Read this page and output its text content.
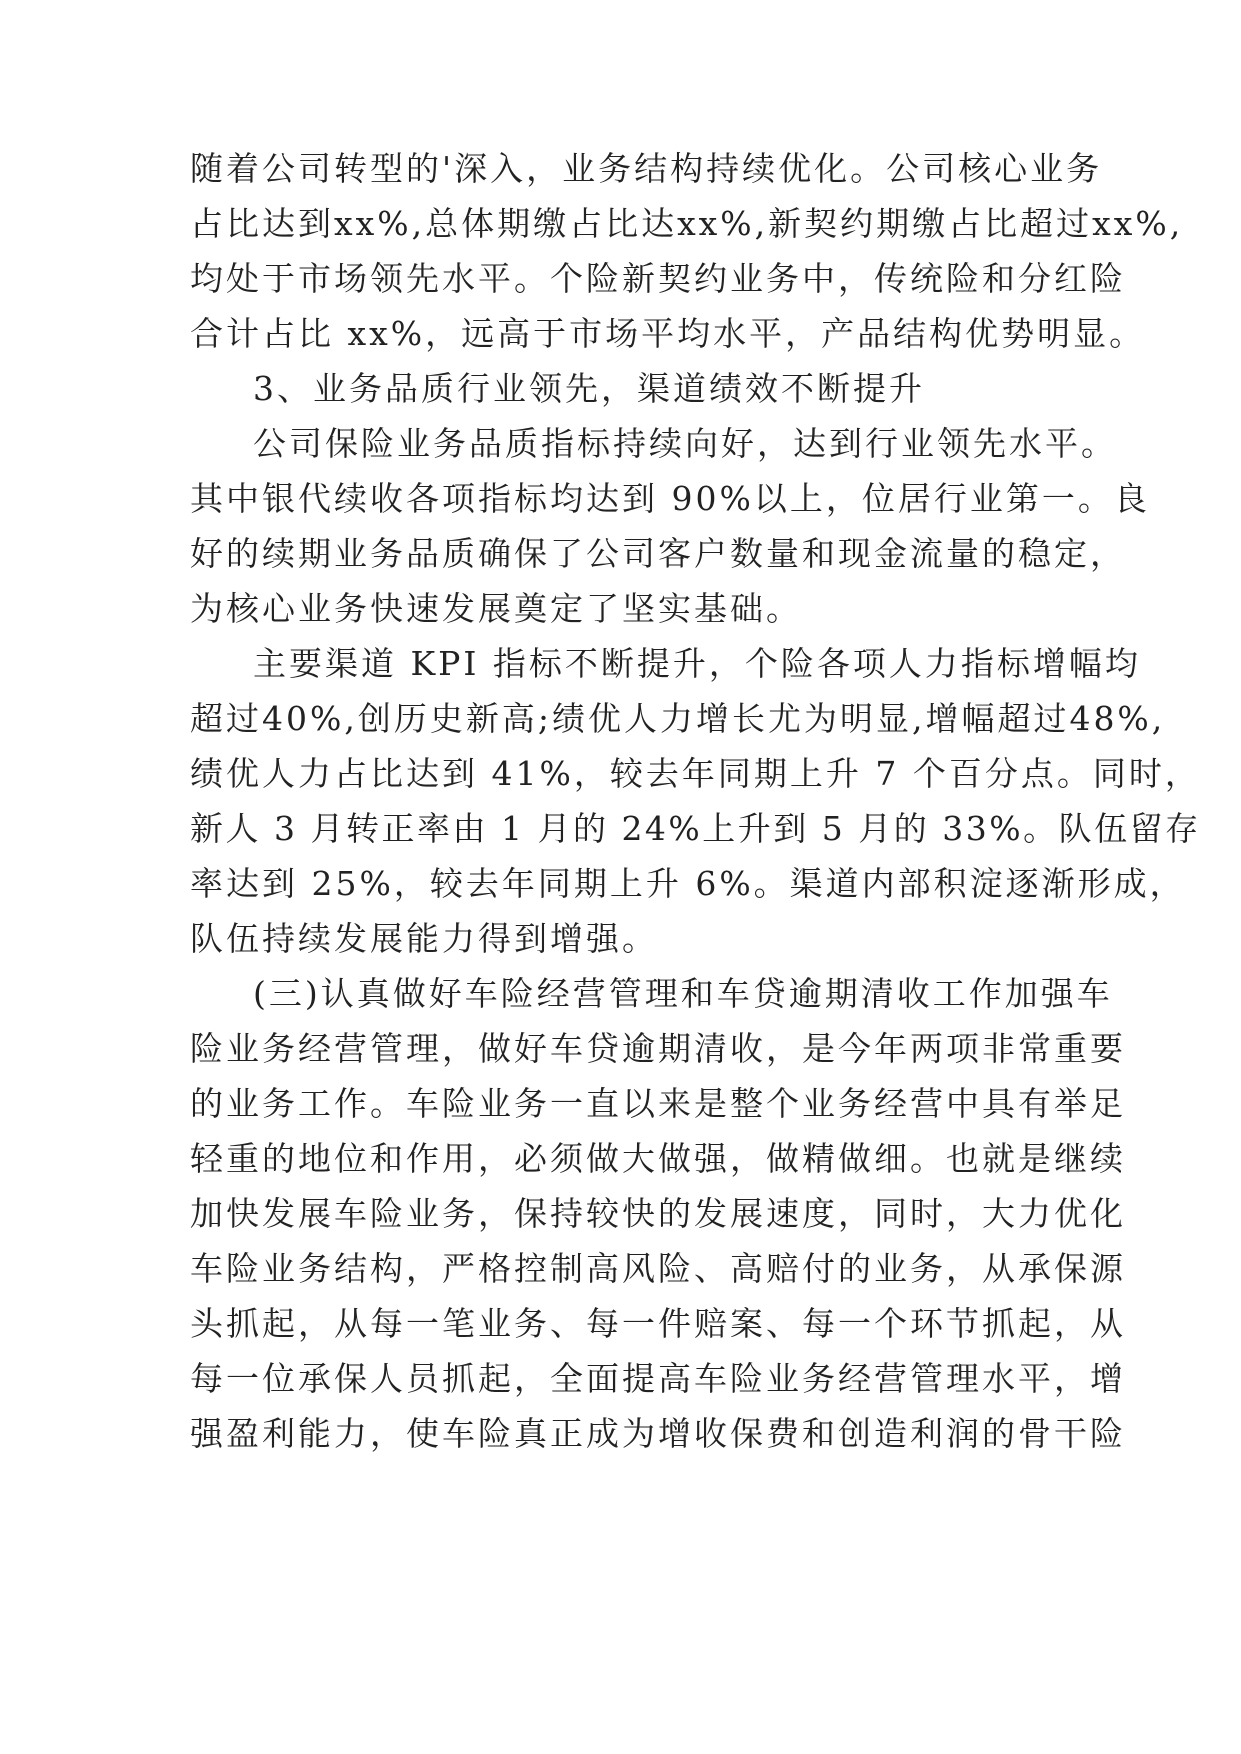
随着公司转型的'深入，业务结构持续优化。公司核心业务
占比达到xx%,总体期缴占比达xx%,新契约期缴占比超过xx%,
均处于市场领先水平。个险新契约业务中，传统险和分红险
合计占比 xx%，远高于市场平均水平，产品结构优势明显。
3、业务品质行业领先，渠道绩效不断提升
公司保险业务品质指标持续向好，达到行业领先水平。
其中银代续收各项指标均达到 90%以上，位居行业第一。良
好的续期业务品质确保了公司客户数量和现金流量的稳定，
为核心业务快速发展奠定了坚实基础。
主要渠道 KPI 指标不断提升，个险各项人力指标增幅均
超过40%,创历史新高;绩优人力增长尤为明显,增幅超过48%,
绩优人力占比达到 41%，较去年同期上升 7 个百分点。同时，
新人 3 月转正率由 1 月的 24%上升到 5 月的 33%。队伍留存
率达到 25%，较去年同期上升 6%。渠道内部积淀逐渐形成，
队伍持续发展能力得到增强。
(三)认真做好车险经营管理和车贷逾期清收工作加强车
险业务经营管理，做好车贷逾期清收，是今年两项非常重要
的业务工作。车险业务一直以来是整个业务经营中具有举足
轻重的地位和作用，必须做大做强，做精做细。也就是继续
加快发展车险业务，保持较快的发展速度，同时，大力优化
车险业务结构，严格控制高风险、高赔付的业务，从承保源
头抓起，从每一笔业务、每一件赔案、每一个环节抓起，从
每一位承保人员抓起，全面提高车险业务经营管理水平，增
强盈利能力，使车险真正成为增收保费和创造利润的骨干险
